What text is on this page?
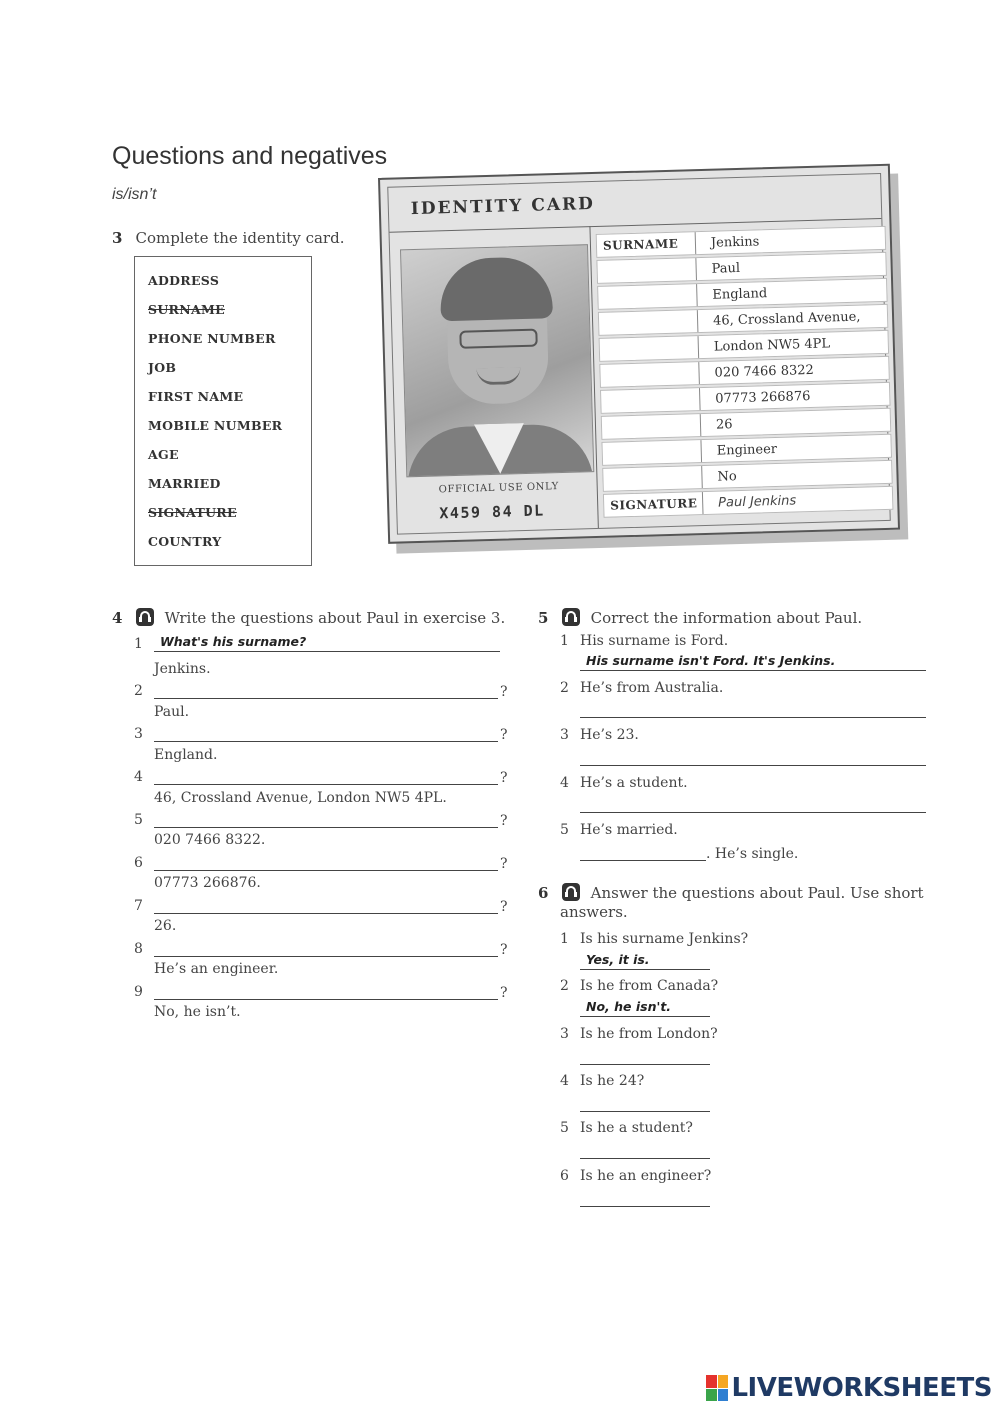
Questions and negatives
is/isn’t
3 Complete the identity card.
ADDRESS
SURNAME
PHONE NUMBER
JOB
FIRST NAME
MOBILE NUMBER
AGE
MARRIED
SIGNATURE
COUNTRY
IDENTITY CARD
OFFICIAL USE ONLY
X459 84 DL
SURNAME Jenkins
Paul
England
46, Crossland Avenue,
London NW5 4PL
020 7466 8322
07773 266876
26
Engineer
No
SIGNATURE Paul Jenkins
4	Write the questions about Paul in exercise 3.
1 What's his surname?
Jenkins.
2	?
Paul.
3	?
England.
4	?
46, Crossland Avenue, London NW5 4PL.
5	?
020 7466 8322.
6	?
07773 266876.
7	?
26.
8	?
He’s an engineer.
9	?
No, he isn’t.
5	Correct the information about Paul.
1 His surname is Ford.
His surname isn't Ford. It's Jenkins.
2 He’s from Australia.
3 He’s 23.
4 He’s a student.
5 He’s married.
. He’s single.
6	Answer the questions about Paul. Use short
answers.
1 Is his surname Jenkins?
Yes, it is.
2 Is he from Canada?
No, he isn't.
3 Is he from London?
4 Is he 24?
5 Is he a student?
6 Is he an engineer?
LIVEWORKSHEETS
